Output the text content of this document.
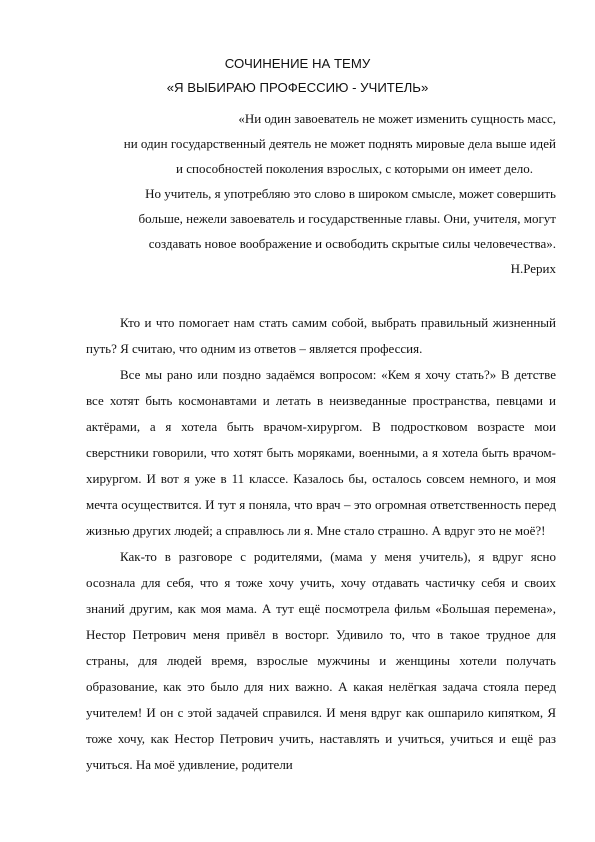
СОЧИНЕНИЕ НА ТЕМУ
«Я ВЫБИРАЮ ПРОФЕССИЮ - УЧИТЕЛЬ»
«Ни один завоеватель не может изменить сущность масс,
ни один государственный деятель не может поднять мировые дела выше идей
и способностей поколения взрослых, с которыми он имеет дело.
Но учитель, я употребляю это слово в широком смысле, может совершить
больше, нежели завоеватель и государственные главы. Они, учителя, могут
создавать новое воображение и освободить скрытые силы человечества».
Н.Рерих

Кто и что помогает нам стать самим собой, выбрать правильный жизненный путь? Я считаю, что одним из ответов – является профессия.

Все мы рано или поздно задаёмся вопросом: «Кем я хочу стать?» В детстве все хотят быть космонавтами и летать в неизведанные пространства, певцами и актёрами, а я хотела быть врачом-хирургом. В подростковом возрасте мои сверстники говорили, что хотят быть моряками, военными, а я хотела быть врачом-хирургом. И вот я уже в 11 классе. Казалось бы, осталось совсем немного, и моя мечта осуществится. И тут я поняла, что врач – это огромная ответственность перед жизнью других людей; а справлюсь ли я. Мне стало страшно. А вдруг это не моё?!

Как-то в разговоре с родителями, (мама у меня учитель), я вдруг ясно осознала для себя, что я тоже хочу учить, хочу отдавать частичку себя и своих знаний другим, как моя мама. А тут ещё посмотрела фильм «Большая перемена», Нестор Петрович меня привёл в восторг. Удивило то, что в такое трудное для страны, для людей время, взрослые мужчины и женщины хотели получать образование, как это было для них важно. А какая нелёгкая задача стояла перед учителем! И он с этой задачей справился. И меня вдруг как ошпарило кипятком, Я тоже хочу, как Нестор Петрович учить, наставлять и учиться, учиться и ещё раз учиться. На моё удивление, родители
